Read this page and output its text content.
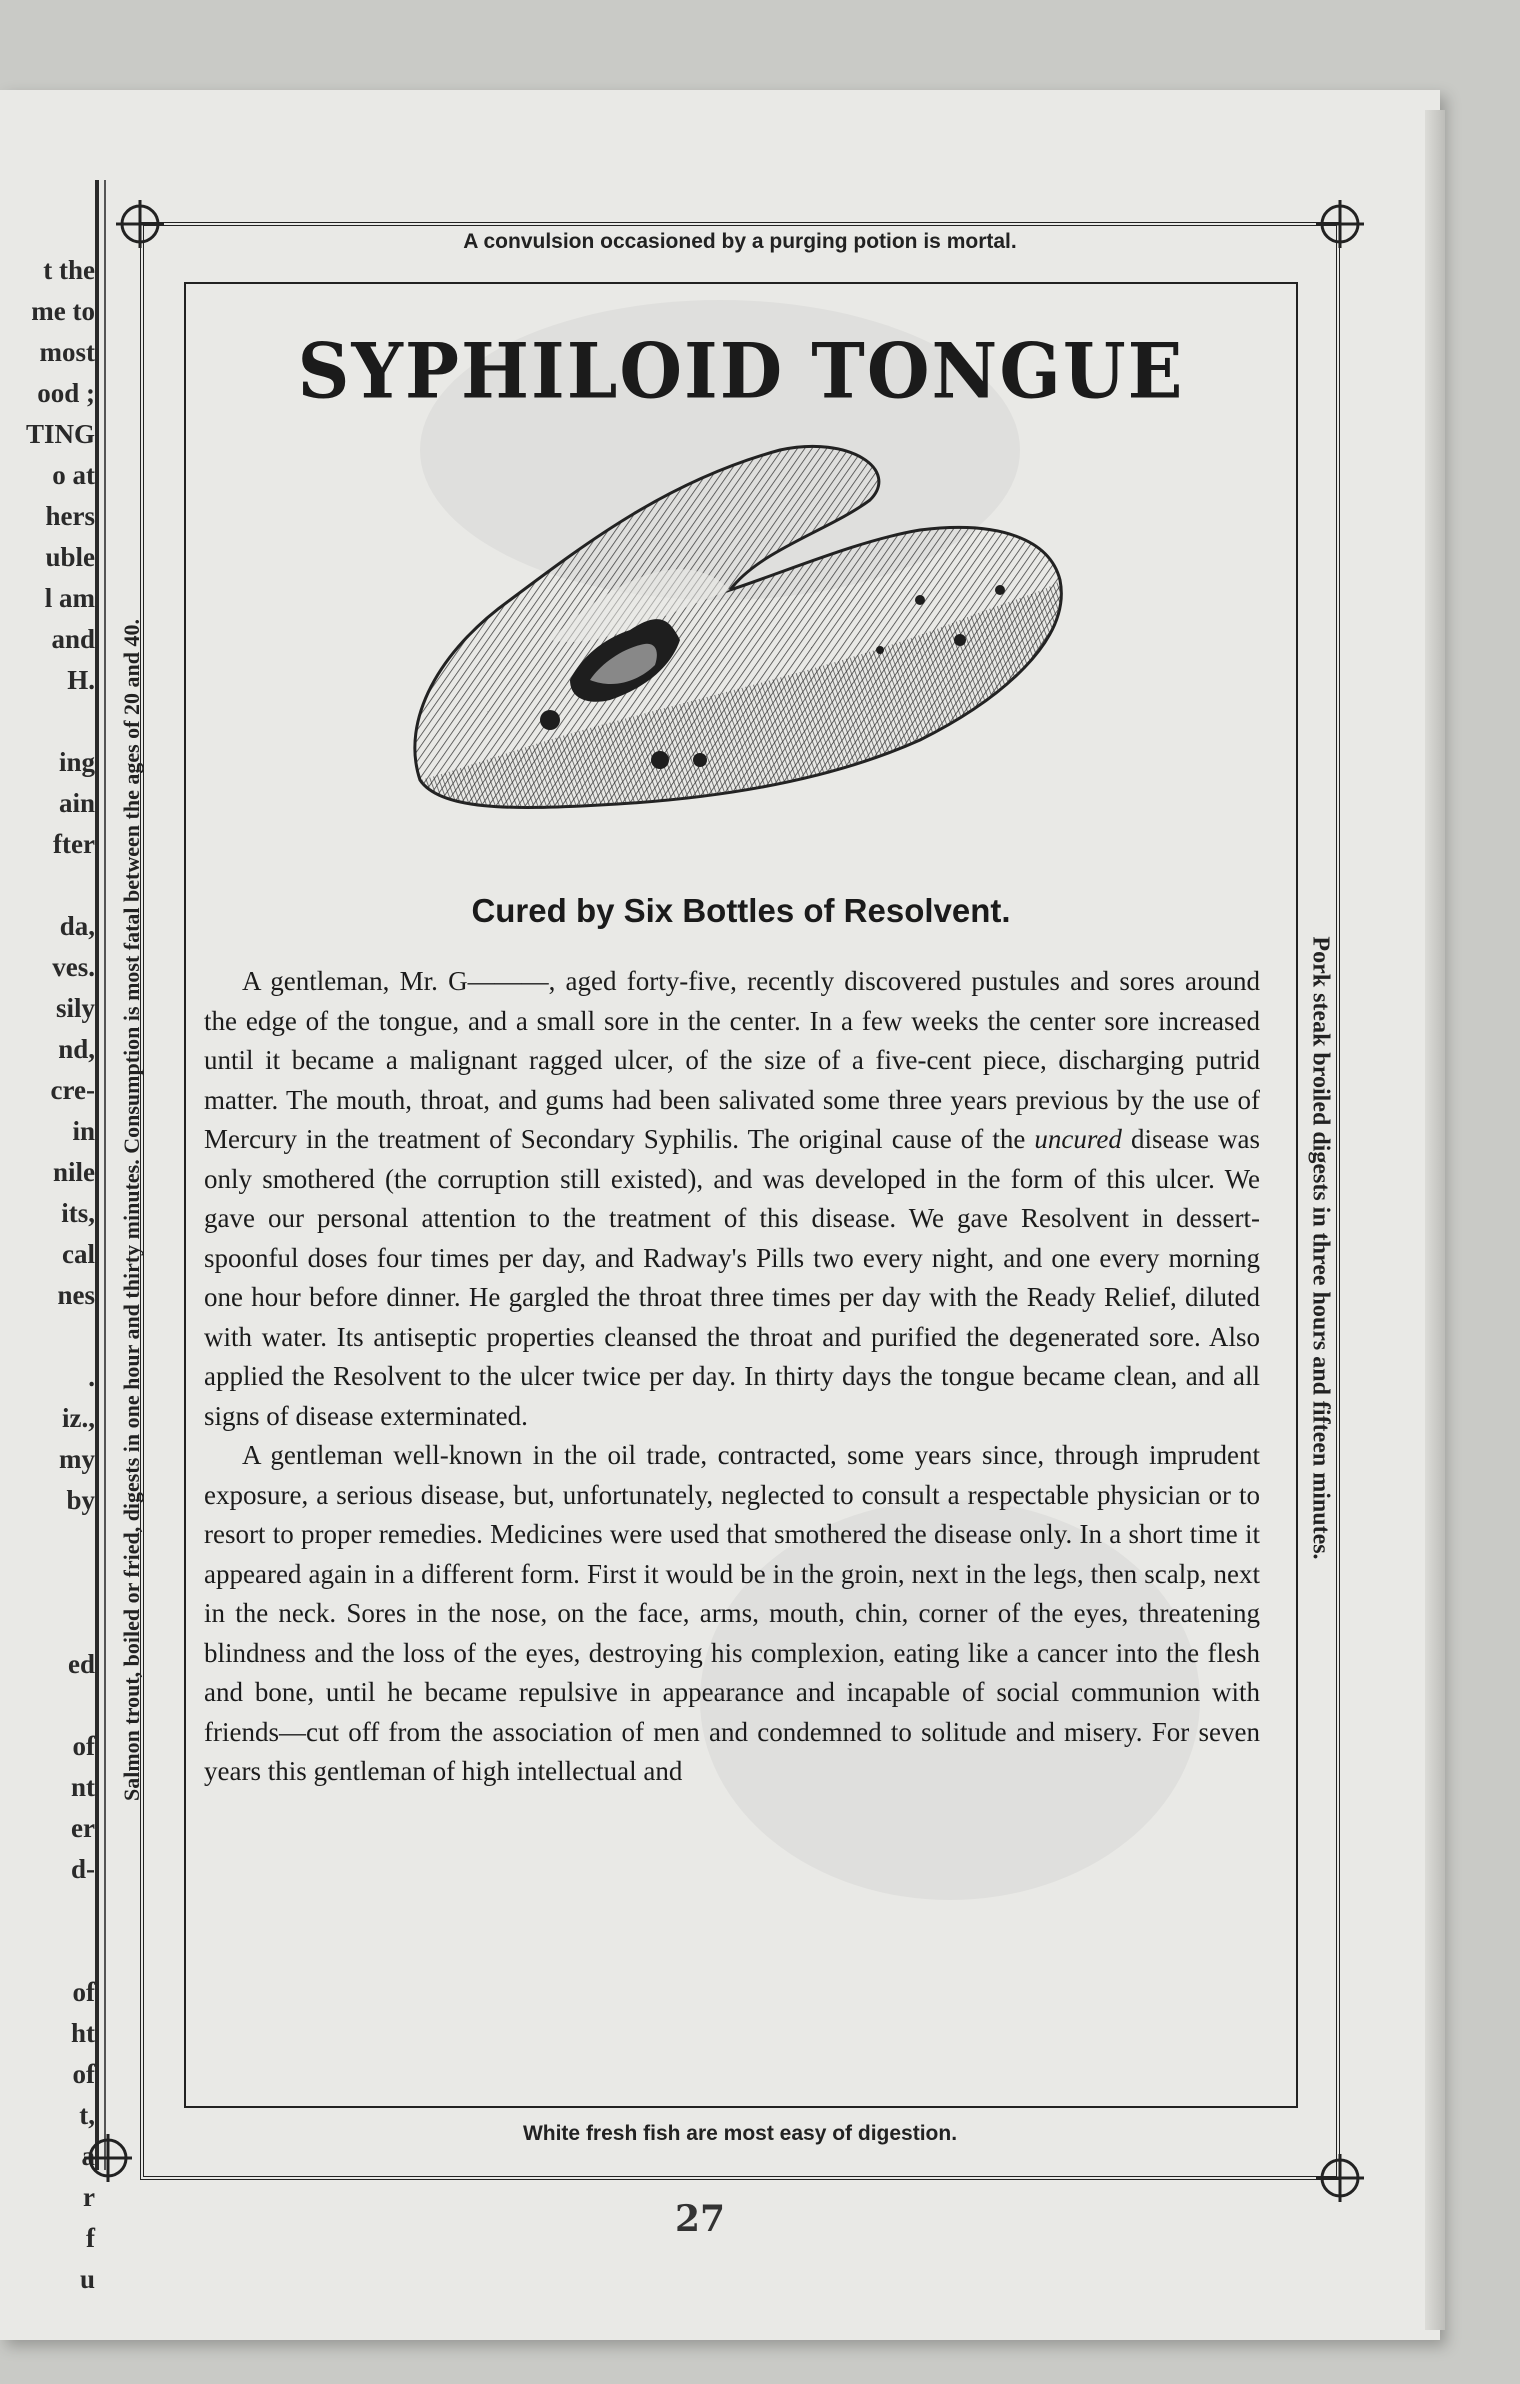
t the
me to
most
ood ;
TING
o at
hers
uble
l am
and
H.
ing
ain
fter
da,
ves.
sily
nd,
cre-
in
nile
its,
cal
nes
.
iz.,
my
by
ed
of
nt
er
d-
of
ht
of
t,
a
r
f
u
A convulsion occasioned by a purging potion is mortal.
White fresh fish are most easy of digestion.
Salmon trout, boiled or fried, digests in one hour and thirty minutes. Consumption is most fatal between the ages of 20 and 40.	Pork steak broiled digests in three hours and fifteen minutes.
SYPHILOID TONGUE
Cured by Six Bottles of Resolvent.

A gentleman, Mr. G———, aged forty-five, recently discovered pustules and sores around the edge of the tongue, and a small sore in the center. In a few weeks the center sore increased until it became a malignant ragged ulcer, of the size of a five-cent piece, discharging putrid matter. The mouth, throat, and gums had been salivated some three years previous by the use of Mercury in the treatment of Secondary Syphilis. The original cause of the uncured disease was only smothered (the corruption still existed), and was developed in the form of this ulcer. We gave our personal attention to the treatment of this disease. We gave Resolvent in dessert-spoonful doses four times per day, and Radway's Pills two every night, and one every morning one hour before dinner. He gargled the throat three times per day with the Ready Relief, diluted with water. Its antiseptic properties cleansed the throat and purified the degenerated sore. Also applied the Resolvent to the ulcer twice per day. In thirty days the tongue became clean, and all signs of disease exterminated.

A gentleman well-known in the oil trade, contracted, some years since, through imprudent exposure, a serious disease, but, unfortunately, neglected to consult a respectable physician or to resort to proper remedies. Medicines were used that smothered the disease only. In a short time it appeared again in a different form. First it would be in the groin, next in the legs, then scalp, next in the neck. Sores in the nose, on the face, arms, mouth, chin, corner of the eyes, threatening blindness and the loss of the eyes, destroying his complexion, eating like a cancer into the flesh and bone, until he became repulsive in appearance and incapable of social communion with friends—cut off from the association of men and condemned to solitude and misery. For seven years this gentleman of high intellectual and

27
